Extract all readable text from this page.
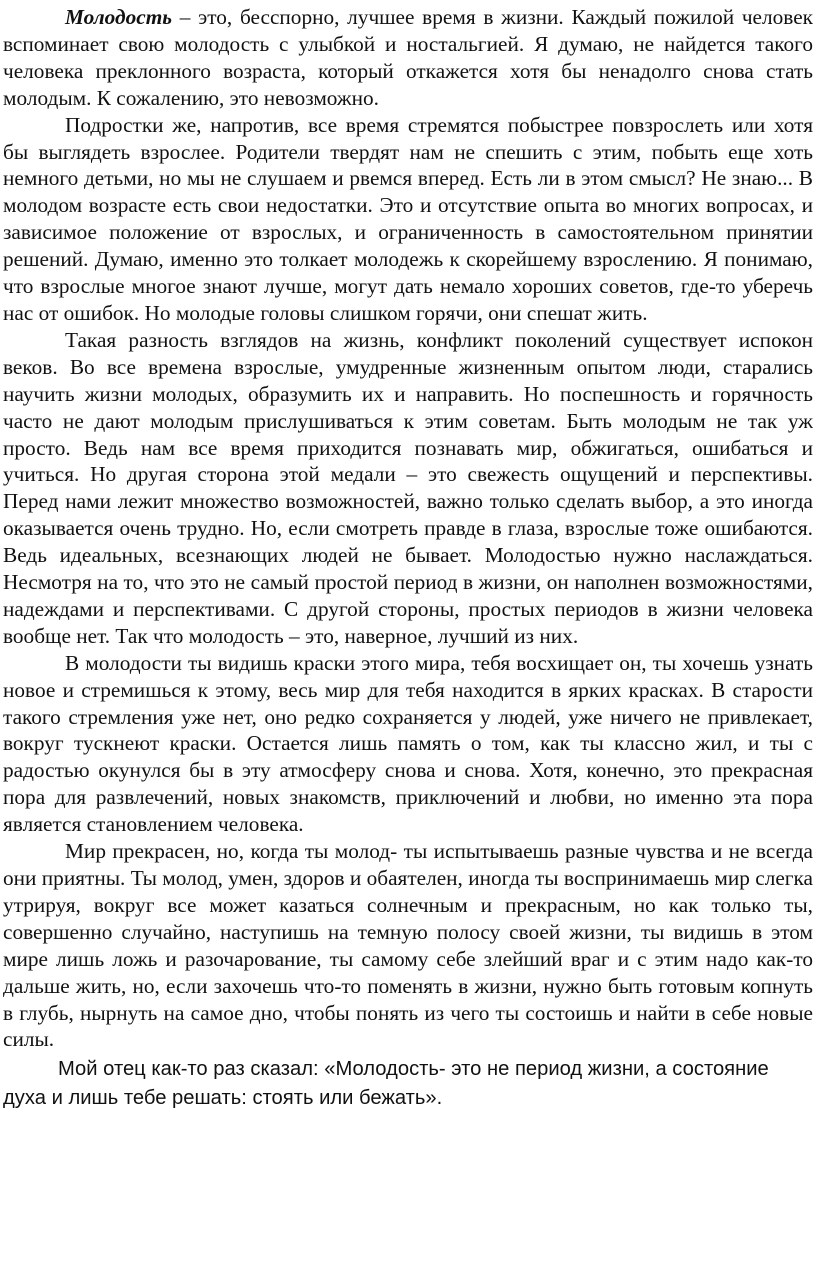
Молодость – это, бесспорно, лучшее время в жизни. Каждый пожилой человек вспоминает свою молодость с улыбкой и ностальгией. Я думаю, не найдется такого человека преклонного возраста, который откажется хотя бы ненадолго снова стать молодым. К сожалению, это невозможно.

Подростки же, напротив, все время стремятся побыстрее повзрослеть или хотя бы выглядеть взрослее. Родители твердят нам не спешить с этим, побыть еще хоть немного детьми, но мы не слушаем и рвемся вперед. Есть ли в этом смысл? Не знаю... В молодом возрасте есть свои недостатки. Это и отсутствие опыта во многих вопросах, и зависимое положение от взрослых, и ограниченность в самостоятельном принятии решений. Думаю, именно это толкает молодежь к скорейшему взрослению. Я понимаю, что взрослые многое знают лучше, могут дать немало хороших советов, где-то уберечь нас от ошибок. Но молодые головы слишком горячи, они спешат жить.

Такая разность взглядов на жизнь, конфликт поколений существует испокон веков. Во все времена взрослые, умудренные жизненным опытом люди, старались научить жизни молодых, образумить их и направить. Но поспешность и горячность часто не дают молодым прислушиваться к этим советам. Быть молодым не так уж просто. Ведь нам все время приходится познавать мир, обжигаться, ошибаться и учиться. Но другая сторона этой медали – это свежесть ощущений и перспективы. Перед нами лежит множество возможностей, важно только сделать выбор, а это иногда оказывается очень трудно. Но, если смотреть правде в глаза, взрослые тоже ошибаются. Ведь идеальных, всезнающих людей не бывает. Молодостью нужно наслаждаться. Несмотря на то, что это не самый простой период в жизни, он наполнен возможностями, надеждами и перспективами. С другой стороны, простых периодов в жизни человека вообще нет. Так что молодость – это, наверное, лучший из них.

В молодости ты видишь краски этого мира, тебя восхищает он, ты хочешь узнать новое и стремишься к этому, весь мир для тебя находится в ярких красках. В старости такого стремления уже нет, оно редко сохраняется у людей, уже ничего не привлекает, вокруг тускнеют краски. Остается лишь память о том, как ты классно жил, и ты с радостью окунулся бы в эту атмосферу снова и снова. Хотя, конечно, это прекрасная пора для развлечений, новых знакомств, приключений и любви, но именно эта пора является становлением человека.

Мир прекрасен, но, когда ты молод- ты испытываешь разные чувства и не всегда они приятны. Ты молод, умен, здоров и обаятелен, иногда ты воспринимаешь мир слегка утрируя, вокруг все может казаться солнечным и прекрасным, но как только ты, совершенно случайно, наступишь на темную полосу своей жизни, ты видишь в этом мире лишь ложь и разочарование, ты самому себе злейший враг и с этим надо как-то дальше жить, но, если захочешь что-то поменять в жизни, нужно быть готовым копнуть в глубь, нырнуть на самое дно, чтобы понять из чего ты состоишь и найти в себе новые силы.

Мой отец как-то раз сказал: «Молодость- это не период жизни, а состояние духа и лишь тебе решать: стоять или бежать».
